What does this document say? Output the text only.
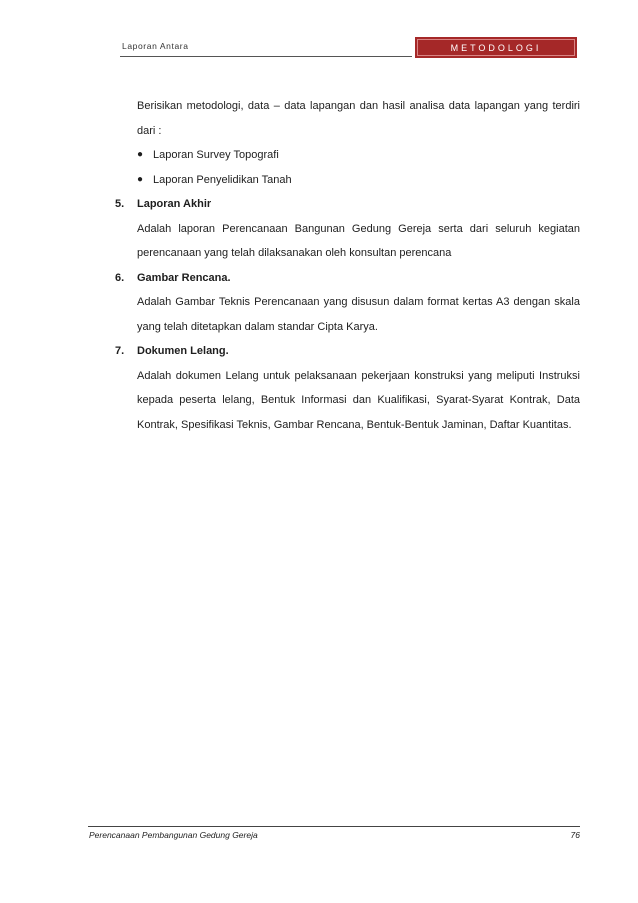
Laporan Antara	METODOLOGI

Berisikan metodologi, data – data lapangan dan hasil analisa data lapangan yang terdiri dari :

● Laporan Survey Topografi
● Laporan Penyelidikan Tanah
5.	Laporan Akhir

Adalah laporan Perencanaan Bangunan Gedung Gereja serta dari seluruh kegiatan perencanaan yang telah dilaksanakan oleh konsultan perencana

6.	Gambar Rencana.

Adalah Gambar Teknis Perencanaan yang disusun dalam format kertas A3 dengan skala yang telah ditetapkan dalam standar Cipta Karya.

7.	Dokumen Lelang.

Adalah dokumen Lelang untuk pelaksanaan pekerjaan konstruksi yang meliputi Instruksi kepada peserta lelang, Bentuk Informasi dan Kualifikasi, Syarat-Syarat Kontrak, Data Kontrak, Spesifikasi Teknis, Gambar Rencana, Bentuk-Bentuk Jaminan, Daftar Kuantitas.

Perencanaan Pembangunan Gedung Gereja	76
